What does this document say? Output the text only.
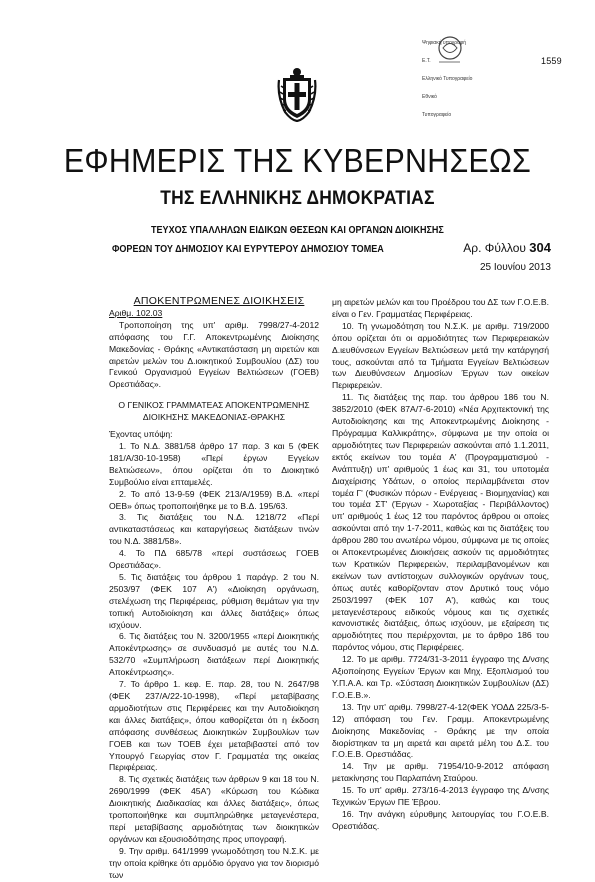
Ψηφιακή υπογραφή

Ε.Τ.

Ελληνικό Τυπογραφείο

Εθνικό

Τυπογραφείο

1559
ΕΦΗΜΕΡΙΣ ΤΗΣ ΚΥΒΕΡΝΗΣΕΩΣ
ΤΗΣ ΕΛΛΗΝΙΚΗΣ ΔΗΜΟΚΡΑΤΙΑΣ
ΤΕΥΧΟΣ ΥΠΑΛΛΗΛΩΝ ΕΙΔΙΚΩΝ ΘΕΣΕΩΝ ΚΑΙ ΟΡΓΑΝΩΝ ΔΙΟΙΚΗΣΗΣ
ΦΟΡΕΩΝ ΤΟΥ ΔΗΜΟΣΙΟΥ ΚΑΙ ΕΥΡΥΤΕΡΟΥ ΔΗΜΟΣΙΟΥ ΤΟΜΕΑ	Αρ. Φύλλου 304
25 Ιουνίου 2013

ΑΠΟΚΕΝΤΡΩΜΕΝΕΣ ΔΙΟΙΚΗΣΕΙΣ

Αριθμ. 102.03

Τροποποίηση της υπ' αριθμ. 7998/27-4-2012 απόφασης του Γ.Γ. Αποκεντρωμένης Διοίκησης Μακεδονίας - Θράκης «Αντικατάσταση μη αιρετών και αιρετών μελών του Δ.ιοικητικού Συμβουλίου (ΔΣ) του Γενικού Οργανισμού Εγγείων Βελτιώσεων (ΓΟΕΒ) Ορεστιάδας».

Ο ΓΕΝΙΚΟΣ ΓΡΑΜΜΑΤΕΑΣ ΑΠΟΚΕΝΤΡΩΜΕΝΗΣ ΔΙΟΙΚΗΣΗΣ ΜΑΚΕΔΟΝΙΑΣ-ΘΡΑΚΗΣ

Έχοντας υπόψη:

1. Το Ν.Δ. 3881/58 άρθρο 17 παρ. 3 και 5 (ΦΕΚ 181/Α/30-10-1958) «Περί έργων Εγγείων Βελτιώσεων», όπου ορίζεται ότι το Διοικητικό Συμβούλιο είναι επταμελές.

2. Το από 13-9-59 (ΦΕΚ 213/Α/1959) Β.Δ. «περί ΟΕΒ» όπως τροποποιήθηκε με το Β.Δ. 195/63.

3. Τις διατάξεις του Ν.Δ. 1218/72 «Περί αντικαταστάσεως και καταργήσεως διατάξεων τινών του Ν.Δ. 3881/58».

4. Το ΠΔ 685/78 «περί συστάσεως ΓΟΕΒ Ορεστιάδας».

5. Τις διατάξεις του άρθρου 1 παράγρ. 2 του Ν. 2503/97 (ΦΕΚ 107 Α') «Διοίκηση οργάνωση, στελέχωση της Περιφέρειας, ρύθμιση θεμάτων για την τοπική Αυτοδιοίκηση και άλλες διατάξεις» όπως ισχύουν.

6. Τις διατάξεις του Ν. 3200/1955 «περί Διοικητικής Αποκέντρωσης» σε συνδυασμό με αυτές του Ν.Δ. 532/70 «Συμπλήρωση διατάξεων περί Διοικητικής Αποκέντρωσης».

7. Το άρθρο 1. κεφ. Ε. παρ. 28, του Ν. 2647/98 (ΦΕΚ 237/Α/22-10-1998), «Περί μεταβίβασης αρμοδιοτήτων στις Περιφέρειες και την Αυτοδιοίκηση και άλλες διατάξεις», όπου καθορίζεται ότι η έκδοση απόφασης συνθέσεως Διοικητικών Συμβουλίων των ΓΟΕΒ και των ΤΟΕΒ έχει μεταβιβαστεί από τον Υπουργό Γεωργίας στον Γ. Γραμματέα της οικείας Περιφέρειας.

8. Τις σχετικές διατάξεις των άρθρων 9 και 18 του Ν. 2690/1999 (ΦΕΚ 45Α') «Κύρωση του Κώδικα Διοικητικής Διαδικασίας και άλλες διατάξεις», όπως τροποποιήθηκε και συμπληρώθηκε μεταγενέστερα, περί μεταβίβασης αρμοδιότητας των διοικητικών οργάνων και εξουσιοδότησης προς υπογραφή.

9. Την αριθμ. 641/1999 γνωμοδότηση του Ν.Σ.Κ. με την οποία κρίθηκε ότι αρμόδιο όργανο για τον διορισμό των

μη αιρετών μελών και του Προέδρου του ΔΣ των Γ.Ο.Ε.Β. είναι ο Γεν. Γραμματέας Περιφέρειας.

10. Τη γνωμοδότηση του Ν.Σ.Κ. με αριθμ. 719/2000 όπου ορίζεται ότι οι αρμοδιότητες των Περιφερειακών Δ.ιευθύνσεων Εγγείων Βελτιώσεων μετά την κατάργησή τους, ασκούνται από τα Τμήματα Εγγείων Βελτιώσεων των Διευθύνσεων Δημοσίων Έργων των οικείων Περιφερειών.

11. Τις διατάξεις της παρ. του άρθρου 186 του Ν. 3852/2010 (ΦΕΚ 87Α/7-6-2010) «Νέα Αρχιτεκτονική της Αυτοδιοίκησης και της Αποκεντρωμένης Διοίκησης - Πρόγραμμα Καλλικράτης», σύμφωνα με την οποία οι αρμοδιότητες των Περιφερειών ασκούνται από 1.1.2011, εκτός εκείνων του τομέα Α' (Προγραμματισμού - Ανάπτυξη) υπ' αριθμούς 1 έως και 31, του υποτομέα Διαχείρισης Υδάτων, ο οποίος περιλαμβάνεται στον τομέα Γ' (Φυσικών πόρων - Ενέργειας - Βιομηχανίας) και του τομέα ΣΤ' (Έργων - Χωροταξίας - Περιβάλλοντος) υπ' αριθμούς 1 έως 12 του παρόντος άρθρου οι οποίες ασκούνται από την 1-7-2011, καθώς και τις διατάξεις του άρθρου 280 του ανωτέρω νόμου, σύμφωνα με τις οποίες οι Αποκεντρωμένες Διοικήσεις ασκούν τις αρμοδιότητες των Κρατικών Περιφερειών, περιλαμβανομένων και εκείνων των αντίστοιχων συλλογικών οργάνων τους, όπως αυτές καθορίζονταν στον Δρυτικό τους νόμο 2503/1997 (ΦΕΚ 107 Α'), καθώς και τους μεταγενέστερους ειδικούς νόμους και τις σχετικές κανονιστικές διατάξεις, όπως ισχύουν, με εξαίρεση τις αρμοδιότητες που περιέρχονται, με το άρθρο 186 του παρόντος νόμου, στις Περιφέρειες.

12. Το με αριθμ. 7724/31-3-2011 έγγραφο της Δ/νσης Αξιοποίησης Εγγείων Έργων και Μηχ. Εξοπλισμού του Υ.Π.Α.Α. και Τρ. «Σύσταση Διοικητικών Συμβουλίων (ΔΣ) Γ.Ο.Ε.Β.».

13. Την υπ' αριθμ. 7998/27-4-12(ΦΕΚ ΥΟΔΔ 225/3-5-12) απόφαση του Γεν. Γραμμ. Αποκεντρωμένης Διοίκησης Μακεδονίας - Θράκης με την οποία διορίστηκαν τα μη αιρετά και αιρετά μέλη του Δ.Σ. του Γ.Ο.Ε.Β. Ορεστιάδας.

14. Την με αριθμ. 71954/10-9-2012 απόφαση μετακίνησης του Παρλαπάνη Σταύρου.

15. Το υπ' αριθμ. 273/16-4-2013 έγγραφο της Δ/νσης Τεχνικών Έργων ΠΕ Έβρου.

16. Την ανάγκη εύρυθμης λειτουργίας του Γ.Ο.Ε.Β. Ορεστιάδας.
